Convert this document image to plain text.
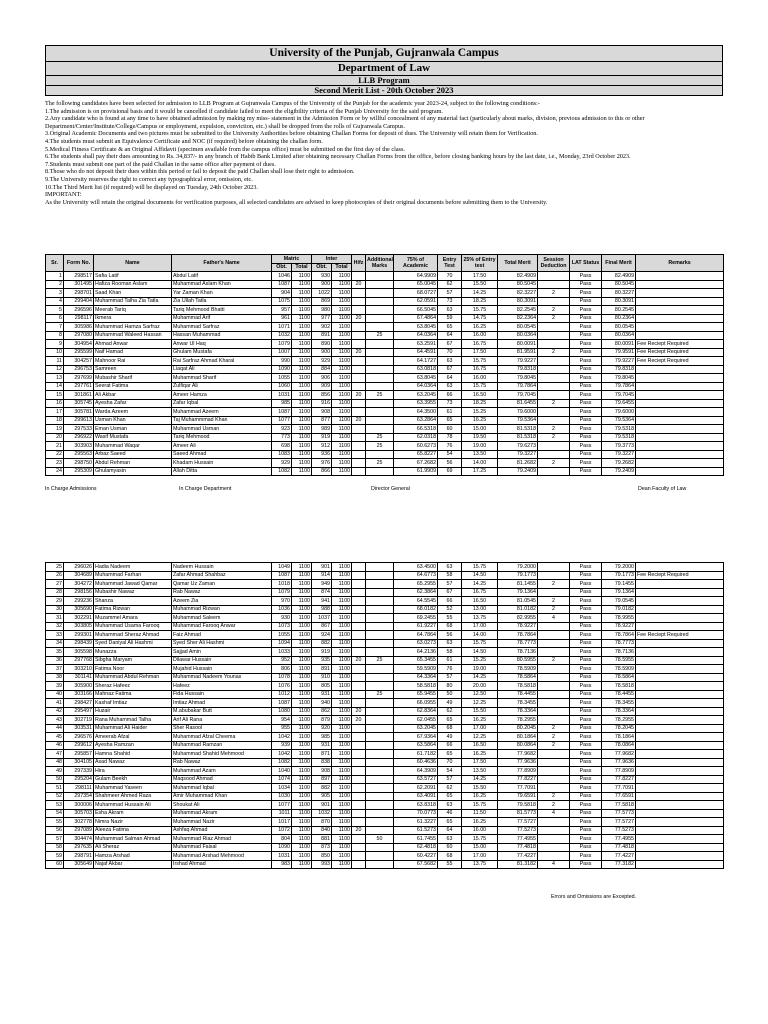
University of the Punjab, Gujranwala Campus
Department of Law
LLB Program
Second Merit List - 20th October 2023

The following candidates have been selected for admission to LLB Program at Gujranwala Campus of the University of the Punjab for the academic year 2023-24, subject to the following conditions:-

1.The admission is on provisional basis and it would be cancelled if candidate failed to meet the eligibility criteria of the Punjab University for the said program.

2.Any candidate who is found at any time to have obtained admission by making my miss- statement in the Admission Form or by willful concealment of any material fact (particularly about marks, division, previous admission to this or other Department/Center/Institute/College/Campus or employment, expulsion, conviction, etc.) shall be dropped from the rolls of Gujranwala Campus.

3.Original Academic Documents and two pictures must be submitted to the University Authorities before obtaining Challan Forms for deposit of dues. The University will retain them for Verification.

4.The students must submit an Equivalence Certificate and NOC (if required) before obtaining the challan form.

5.Medical Fitness Certificate & an Original Affidavit (specimen available from the campus office) must be submitted on the first day of the class.

6.The students shall pay their dues amounting to Rs. 34,837/- in any branch of Habib Bank Limited after obtaining necessary Challan Forms from the office, before closing banking hours by the last date, i.e., Monday, 23rd October 2023.

7.Students must submit one part of the paid Challan in the same office after payment of dues.

8.Those who do not deposit their dues within this period or fail to deposit the paid Challan shall lose their right to admission.

9.The University reserves the right to correct any typographical error, omission, etc.

10.The Third Merit list (if required) will be displayed on Tuesday, 24th October 2023.

IMPORTANT:

As the University will retain the original documents for verification purposes, all selected candidates are advised to keep photocopies of their original documents before submitting them to the University.

Sr.	Form No.	Name	Father's Name	Matric		Inter		Hifz	Additional Marks	75% of Academic	Entry Test	25% of Entry test	Total Merit	Session Deduction	LAT Status	Final Merit	Remarks
				Obt.	Total	Obt.	Total										
1	298517	Safia Latif	Abdul Latif	1046	1100	930	1100			64.9909	70	17.50	82.4909		Pass	82.4909	
2	301495	Hafiza Rooman Aslam	Muhammad Aslam Khan	1087	1100	900	1100	20		65.0045	62	15.50	80.5045		Pass	80.5045	
3	298701	Saad Khan	Yar Zaman Khan	904	1100	1022	1100			68.0727	57	14.25	82.3227	2	Pass	80.3227	
4	299404	Muhammad Talha Zia Tatla	Zia Ullah Tatla	1075	1100	869	1100			62.0591	73	18.25	80.3091		Pass	80.3091	
5	296596	Meerab Tariq	Tariq Mehmood Bhatti	957	1100	980	1100			66.5045	63	15.75	82.2545	2	Pass	80.2545	
6	298117	Ikmera	Muhammad Arif	961	1100	977	1100	20		67.4864	59	14.75	82.2364	2	Pass	80.2364	
7	305986	Muhammad Hamza Sarfraz	Muhammad Sarfraz	1071	1100	902	1100			63.8045	65	16.25	80.0545		Pass	80.0545	
8	297080	Muhammad Waleed Hassan	Hassan Muhammad	1032	1100	891	1100		25	64.0364	64	16.00	80.0364		Pass	80.0364	
9	304954	Ahmad Anwar	Anwar Ul Haq	1079	1100	890	1100			63.2591	67	16.75	80.0091		Pass	80.0091	Fee Reciept Required
10	295599	Naif Hamad	Ghulam Mustafa	1007	1100	900	1100	20		64.4591	70	17.50	81.9591	2	Pass	79.9591	Fee Reciept Required
11	304257	Mahnoor Rai	Rai Sarfraz Ahmad Kharal	990	1100	929	1100			64.1727	63	15.75	79.9227		Pass	79.9227	Fee Reciept Required
12	296753	Samreen	Liaqat Ali	1090	1100	884	1100			63.0818	67	16.75	79.8318		Pass	79.8318	
13	297699	Mubashir Sharif	Muhammad Sharif	1055	1100	906	1100			63.8045	64	16.00	79.8045		Pass	79.8045	
14	297761	Seerat Fatima	Zulfiqar Ali	1060	1100	909	1100			64.0364	63	15.75	79.7864		Pass	79.7864	
15	301861	Ali Akbar	Ameer Hamza	1031	1100	856	1100	20	25	63.2045	66	16.50	79.7045		Pass	79.7045	
16	305745	Ayesha Zafar	Zafar Iqbal	985	1100	916	1100			63.3955	73	18.25	81.6455	2	Pass	79.6455	
17	305781	Warda Azeem	Muhammad Azeem	1087	1100	908	1100			64.3500	61	15.25	79.6000		Pass	79.6000	
18	299613	Usman Khan	Taj Muhammmad Khan	1077	1100	877	1100	20		63.2864	65	16.25	79.5364		Pass	79.5364	
19	297533	Eman Usman	Muhammad Usman	923	1100	989	1100			66.5318	60	15.00	81.5318	2	Pass	79.5318	
20	296922	Wasif Mustafa	Tariq Mehmood	773	1100	919	1100		25	62.0318	78	19.50	81.5318	2	Pass	79.5318	
21	303903	Muhammad Waqar	Ameer Ali	698	1100	912	1100		25	60.6273	76	19.00	79.6273		Pass	79.3773	
22	295563	Arbaz Saeed	Saeed Ahmad	1083	1100	936	1100			65.8227	54	13.50	79.3227		Pass	79.3227	
23	298750	Abdul Rehman	Khadam Hussain	929	1100	976	1100		25	67.2682	56	14.00	81.2682	2	Pass	79.2682	
24	295309	Ghulamyasin	Allah Ditta	1082	1100	866	1100			61.9909	69	17.25	79.2409		Pass	79.2409	
In Charge Admissions	In Charge Department	Director General	Dean Faculty of Law
25	296026	Hadia Nadeem	Nadeem Hussain	1049	1100	901	1100			63.4500	63	15.75	79.2000		Pass	79.2000	
26	304689	Muhammad Farhan	Zafar Ahmad Shahbaz	1087	1100	914	1100			64.6773	58	14.50	79.1773		Pass	79.1773	Fee Reciept Required
27	304272	Muhammad Jawad Qamar	Qamar Uz Zaman	1018	1100	949	1100			65.2955	57	14.25	81.1455	2	Pass	79.1455	
28	298156	Mubashir Nawaz	Rab Nawaz	1079	1100	874	1100			62.3864	67	16.75	79.1364		Pass	79.1364	
29	299236	Shanza	Azeem Zia	970	1100	941	1100			64.5545	66	16.50	81.0545	2	Pass	79.0545	
30	305690	Fatima Rizwan	Muhammad Rizwan	1036	1100	988	1100			68.0182	52	13.00	81.0182	2	Pass	79.0182	
31	302291	Muzammel Amara	Muhammad Saleem	930	1100	1037	1100			69.2455	55	13.75	82.9955	4	Pass	78.9955	
32	303805	Muhammad Usama Farooq	Muhammad Farooq Anwar	1073	1100	867	1100			61.9227	68	17.00	78.9227		Pass	78.9227	
33	299301	Muhammad Sheraz Ahmad	Faiz Ahmad	1055	1100	924	1100			64.7864	56	14.00	78.7864		Pass	78.7864	Fee Reciept Required
34	298439	Syed Daniyal Ali Hashmi	Syed Sher Ali Hashmi	1094	1100	882	1100			63.0273	63	15.75	78.7773		Pass	78.7773	
35	305598	Munazza	Sajjad Amin	1033	1100	919	1100			64.2136	58	14.50	78.7136		Pass	78.7136	
36	297768	Sibgha Maryam	Dilawar Hussain	952	1100	935	1100	20	25	65.3455	61	15.25	80.5955	2	Pass	78.5955	
37	303210	Fatima Noor	Mujahid Hussain	806	1100	891	1100			59.5909	76	19.00	78.5909		Pass	78.5909	
38	301141	Muhammad Abdul Rehman	Muhammad Nadeem Younas	1078	1100	910	1100			64.3364	57	14.25	78.5864		Pass	78.5864	
39	305900	Sheraz Hafeez	Hafeez	1076	1100	805	1100			58.5818	80	20.00	78.5818		Pass	78.5818	
40	303166	Mahnaz Fatima	Fida Hussain	1012	1100	931	1100		25	65.9455	50	12.50	78.4455		Pass	78.4455	
41	298427	Kashaf Imtiaz	Imtiaz Ahmad	1087	1100	940	1100			66.0955	49	12.25	78.3455		Pass	78.3455	
42	295497	Huzair	M.abubakar Butt	1080	1100	862	1100	20		62.8364	62	15.50	78.3364		Pass	78.3364	
43	302719	Rana Muhammad Talha	Arif Ali Rana	954	1100	879	1100	20		62.0455	65	16.25	78.2955		Pass	78.2955	
44	303531	Muhammad Ali Haider	Sher Rasool	955	1100	920	1100			63.2045	68	17.00	80.2045	2	Pass	78.2045	
45	296576	Ameerab Afzal	Muhammad Afzal Cheema	1042	1100	985	1100			67.9364	49	12.25	80.1864	2	Pass	78.1864	
46	299612	Ayesha Ramzan	Muhammad Ramzan	939	1100	931	1100			63.5864	66	16.50	80.0864	2	Pass	78.0864	
47	295857	Hamna Shahid	Muhammad Shahid Mehmood	1042	1100	871	1100			61.7182	65	16.25	77.9682		Pass	77.9682	
48	304105	Asad Nawaz	Rab Nawaz	1082	1100	838	1100			60.4636	70	17.50	77.9636		Pass	77.9636	
49	297339	Hira	Muhammad Azam	1040	1100	908	1100			64.3909	54	13.50	77.8909		Pass	77.8909	
50	295204	Gulam Beekh	Maqsood Ahmad	1074	1100	897	1100			63.5727	57	14.25	77.8227		Pass	77.8227	
51	298111	Muhammad Yaseen	Muhammad Iqbal	1034	1100	882	1100			62.2091	62	15.50	77.7091		Pass	77.7091	
52	297354	Shahmeer Ahmed Raza	Amir Muhammad Khan	1030	1100	905	1100			63.4091	65	16.25	79.6591	2	Pass	77.6591	
53	300006	Muhammad Hussain Ali	Shoukat Ali	1077	1100	901	1100			63.8318	63	15.75	79.5818	2	Pass	77.5818	
54	305703	Esha Akram	Muhammad Akram	1011	1100	1032	1100			70.0773	46	11.50	81.5773	4	Pass	77.5773	
55	302778	Nimra Nazir	Muhammad Nazir	1017	1100	870	1100			61.3227	65	16.25	77.5727		Pass	77.5727	
56	297089	Aleeza Fatima	Ashfaq Ahmad	1072	1100	840	1100	20		61.5273	64	16.00	77.5273		Pass	77.5273	
57	304474	Muhammad Salman Ahmad	Muhammad Riaz Ahmad	804	1100	881	1100		50	61.7455	63	15.75	77.4955		Pass	77.4955	
58	297635	Ali Sheraz	Muhammad Faisal	1090	1100	873	1100			62.4818	60	15.00	77.4818		Pass	77.4818	
59	298791	Hamza Arshad	Muhammad Arshad Mehmood	1031	1100	850	1100			60.4227	68	17.00	77.4227		Pass	77.4227	
60	305649	Najaf Akbar	Irshad Ahmad	983	1100	993	1100			67.5682	55	13.75	81.3182	4	Pass	77.3182	
Errors and Omissions are Excepted.
